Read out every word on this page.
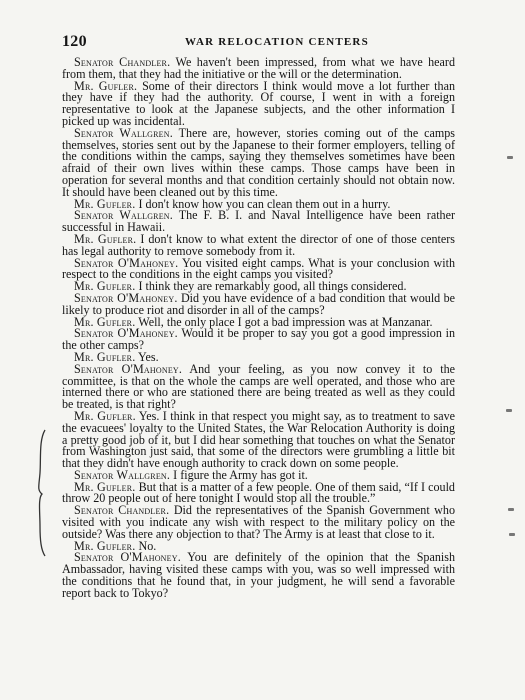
120	WAR RELOCATION CENTERS

Senator Chandler. We haven't been impressed, from what we have heard from them, that they had the initiative or the will or the determination.

Mr. Gufler. Some of their directors I think would move a lot further than they have if they had the authority. Of course, I went in with a foreign representative to look at the Japanese subjects, and the other information I picked up was incidental.

Senator Wallgren. There are, however, stories coming out of the camps themselves, stories sent out by the Japanese to their former employers, telling of the conditions within the camps, saying they themselves sometimes have been afraid of their own lives within these camps. Those camps have been in operation for several months and that condition certainly should not obtain now. It should have been cleaned out by this time.

Mr. Gufler. I don't know how you can clean them out in a hurry.

Senator Wallgren. The F. B. I. and Naval Intelligence have been rather successful in Hawaii.

Mr. Gufler. I don't know to what extent the director of one of those centers has legal authority to remove somebody from it.

Senator O'Mahoney. You visited eight camps. What is your conclusion with respect to the conditions in the eight camps you visited?

Mr. Gufler. I think they are remarkably good, all things considered.

Senator O'Mahoney. Did you have evidence of a bad condition that would be likely to produce riot and disorder in all of the camps?

Mr. Gufler. Well, the only place I got a bad impression was at Manzanar.

Senator O'Mahoney. Would it be proper to say you got a good impression in the other camps?

Mr. Gufler. Yes.

Senator O'Mahoney. And your feeling, as you now convey it to the committee, is that on the whole the camps are well operated, and those who are interned there or who are stationed there are being treated as well as they could be treated, is that right?

Mr. Gufler. Yes. I think in that respect you might say, as to treatment to save the evacuees' loyalty to the United States, the War Relocation Authority is doing a pretty good job of it, but I did hear something that touches on what the Senator from Washington just said, that some of the directors were grumbling a little bit that they didn't have enough authority to crack down on some people.

Senator Wallgren. I figure the Army has got it.

Mr. Gufler. But that is a matter of a few people. One of them said, “If I could throw 20 people out of here tonight I would stop all the trouble.”

Senator Chandler. Did the representatives of the Spanish Government who visited with you indicate any wish with respect to the military policy on the outside? Was there any objection to that? The Army is at least that close to it.

Mr. Gufler. No.

Senator O'Mahoney. You are definitely of the opinion that the Spanish Ambassador, having visited these camps with you, was so well impressed with the conditions that he found that, in your judgment, he will send a favorable report back to Tokyo?
